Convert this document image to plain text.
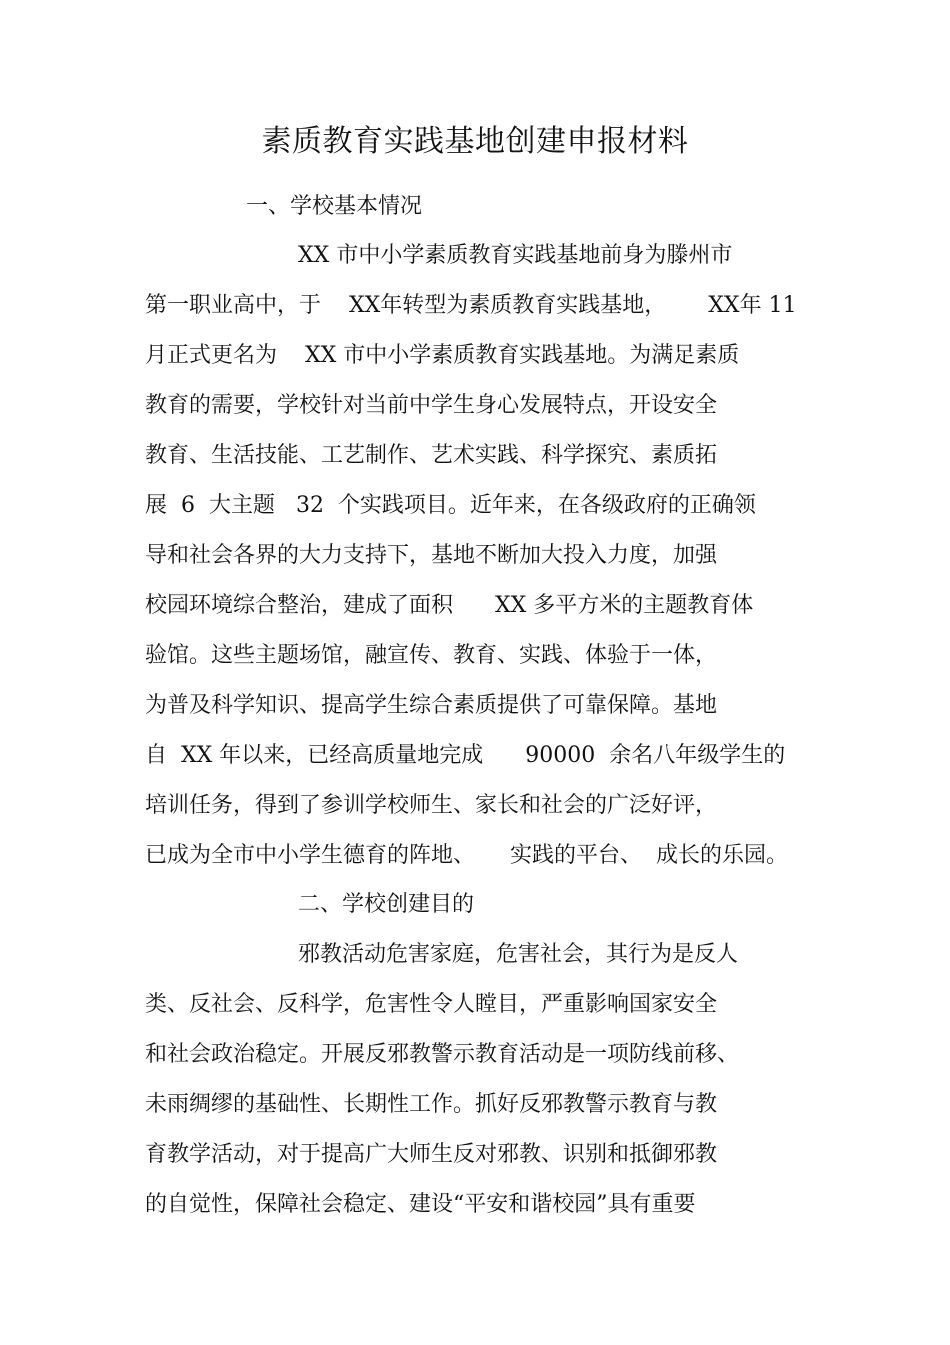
素质教育实践基地创建申报材料
一、学校基本情况
XX 市中小学素质教育实践基地前身为滕州市
第一职业高中，于    XX年转型为素质教育实践基地，      XX年 11
月正式更名为    XX 市中小学素质教育实践基地。为满足素质
教育的需要，学校针对当前中学生身心发展特点，开设安全
教育、生活技能、工艺制作、艺术实践、科学探究、素质拓
展  6  大主题   32  个实践项目。近年来，在各级政府的正确领
导和社会各界的大力支持下，基地不断加大投入力度，加强
校园环境综合整治，建成了面积      XX 多平方米的主题教育体
验馆。这些主题场馆，融宣传、教育、实践、体验于一体，
为普及科学知识、提高学生综合素质提供了可靠保障。基地
自  XX 年以来，已经高质量地完成      90000  余名八年级学生的
培训任务，得到了参训学校师生、家长和社会的广泛好评，
已成为全市中小学生德育的阵地、     实践的平台、  成长的乐园。
二、学校创建目的
邪教活动危害家庭，危害社会，其行为是反人
类、反社会、反科学，危害性令人瞠目，严重影响国家安全
和社会政治稳定。开展反邪教警示教育活动是一项防线前移、
未雨绸缪的基础性、长期性工作。抓好反邪教警示教育与教
育教学活动，对于提高广大师生反对邪教、识别和抵御邪教
的自觉性，保障社会稳定、建设“平安和谐校园”具有重要
